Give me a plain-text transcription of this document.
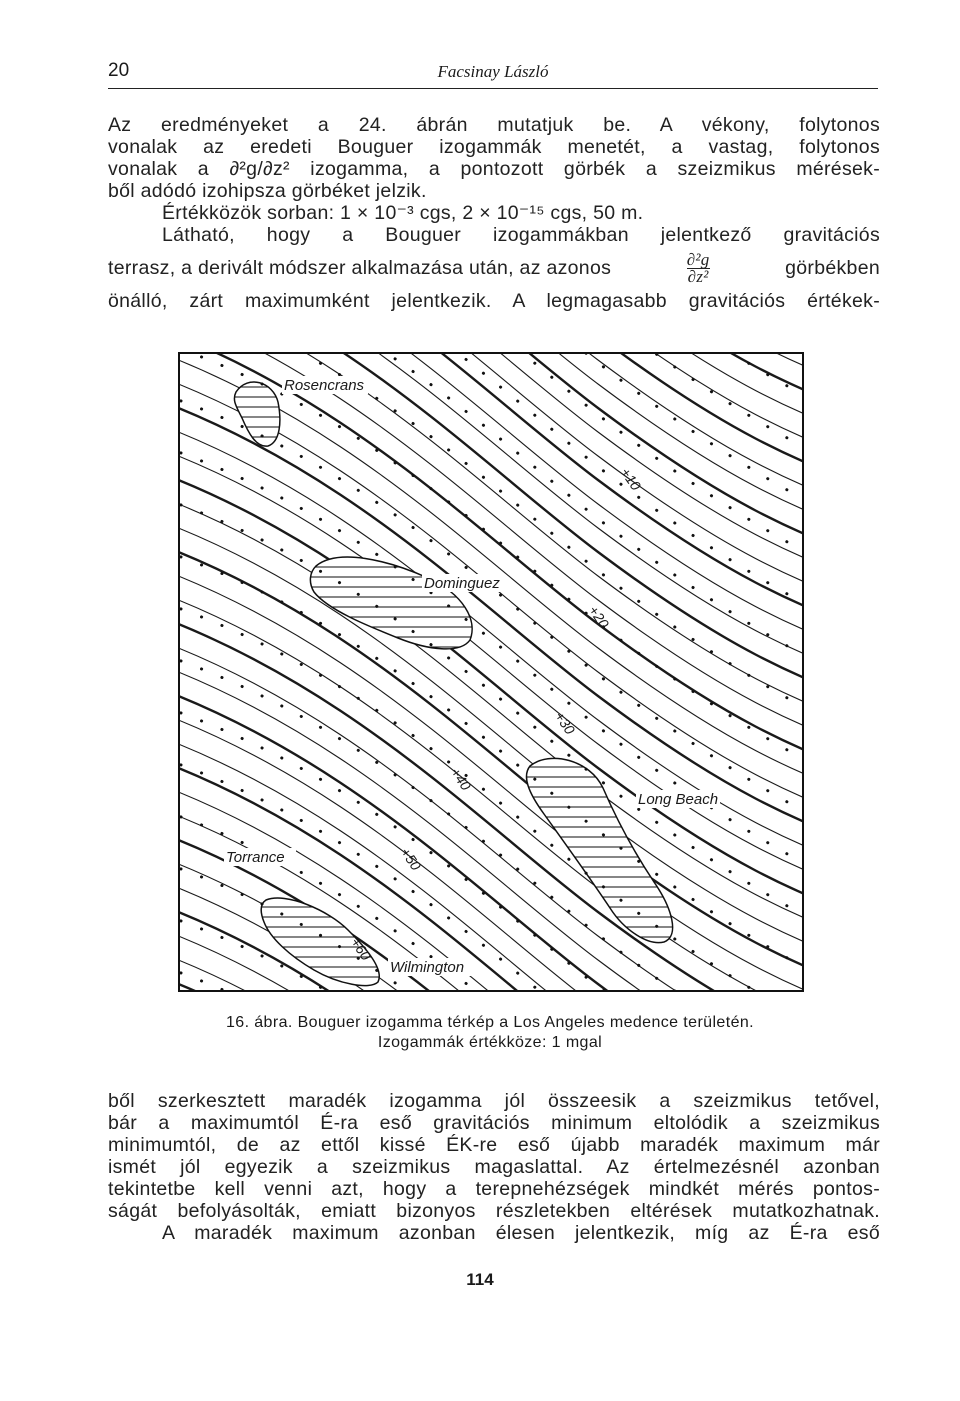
20	Facsinay László
Az eredményeket a 24. ábrán mutatjuk be. A vékony, folytonos
vonalak az eredeti Bouguer izogammák menetét, a vastag, folytonos
vonalak a ∂²g/∂z² izogamma, a pontozott görbék a szeizmikus mérések-
ből adódó izohipsza görbéket jelzik.
Értékközök sorban: 1 × 10⁻³ cgs, 2 × 10⁻¹⁵ cgs, 50 m.
Látható, hogy a Bouguer izogammákban jelentkező gravitációs
terrasz, a derivált módszer alkalmazása után, az azonos	$\frac{\text{∂²g}}{\text{∂z²}}$	görbékben
önálló, zárt maximumként jelentkezik. A legmagasabb gravitációs értékek-
Rosencrans
Dominguez
Long Beach
Torrance
Wilmington
+10
+20
+30
+40
+50
+60
16. ábra. Bouguer izogamma térkép a Los Angeles medence területén.
Izogammák értékköze: 1 mgal
ből szerkesztett maradék izogamma jól összeesik a szeizmikus tetővel,
bár a maximumtól É-ra eső gravitációs minimum eltolódik a szeizmikus
minimumtól, de az ettől kissé ÉK-re eső újabb maradék maximum már
ismét jól egyezik a szeizmikus magaslattal. Az értelmezésnél azonban
tekintetbe kell venni azt, hogy a terepnehézségek mindkét mérés pontos-
ságát befolyásolták, emiatt bizonyos részletekben eltérések mutatkozhatnak.
A maradék maximum azonban élesen jelentkezik, míg az É-ra eső
114
